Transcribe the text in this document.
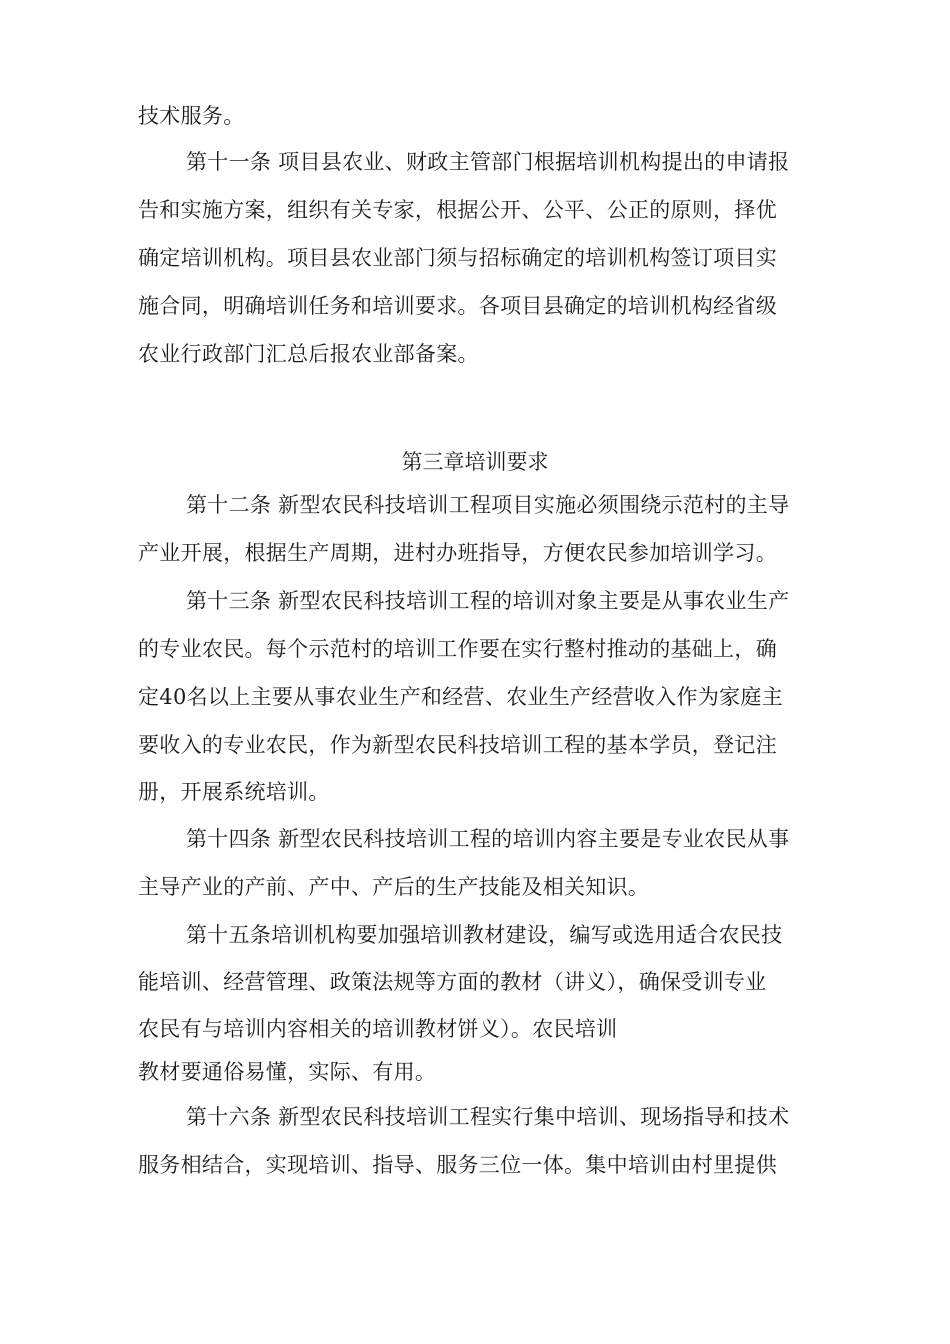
技术服务。
第十一条 项目县农业、财政主管部门根据培训机构提出的申请报
告和实施方案，组织有关专家，根据公开、公平、公正的原则，择优
确定培训机构。项目县农业部门须与招标确定的培训机构签订项目实
施合同，明确培训任务和培训要求。各项目县确定的培训机构经省级
农业行政部门汇总后报农业部备案。
第三章培训要求
第十二条 新型农民科技培训工程项目实施必须围绕示范村的主导
产业开展，根据生产周期，进村办班指导，方便农民参加培训学习。
第十三条 新型农民科技培训工程的培训对象主要是从事农业生产
的专业农民。每个示范村的培训工作要在实行整村推动的基础上，确
定40名以上主要从事农业生产和经营、农业生产经营收入作为家庭主
要收入的专业农民，作为新型农民科技培训工程的基本学员，登记注
册，开展系统培训。
第十四条 新型农民科技培训工程的培训内容主要是专业农民从事
主导产业的产前、产中、产后的生产技能及相关知识。
第十五条培训机构要加强培训教材建设，编写或选用适合农民技
能培训、经营管理、政策法规等方面的教材（讲义），确保受训专业
农民有与培训内容相关的培训教材饼义）。农民培训
教材要通俗易懂，实际、有用。
第十六条 新型农民科技培训工程实行集中培训、现场指导和技术
服务相结合，实现培训、指导、服务三位一体。集中培训由村里提供
